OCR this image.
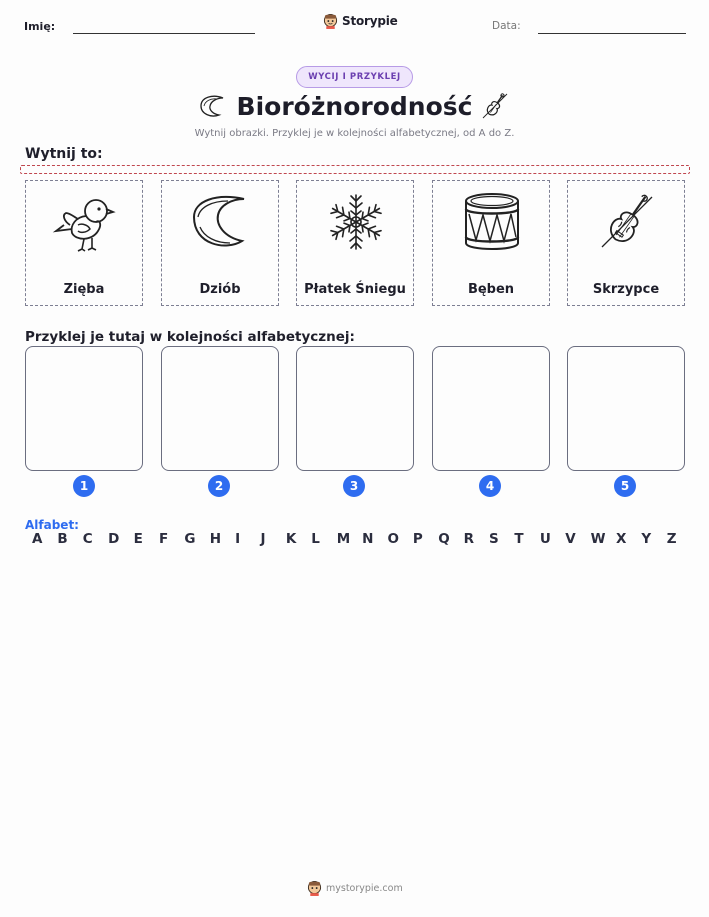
Imię:	Storypie	Data:
WYCIJ I PRZYKLEJ
Bioróżnorodność
Wytnij obrazki. Przyklej je w kolejności alfabetycznej, od A do Z.
Wytnij to:
Zięba	Dziób	Płatek Śniegu	Bęben	Skrzypce
Przyklej je tutaj w kolejności alfabetycznej:
1	2	3	4	5
Alfabet:
A	B	C	D	E	F	G	H	I	J	K	L	M N	O	P	Q	R	S	T	U	V	W X	Y	Z
mystorypie.com
